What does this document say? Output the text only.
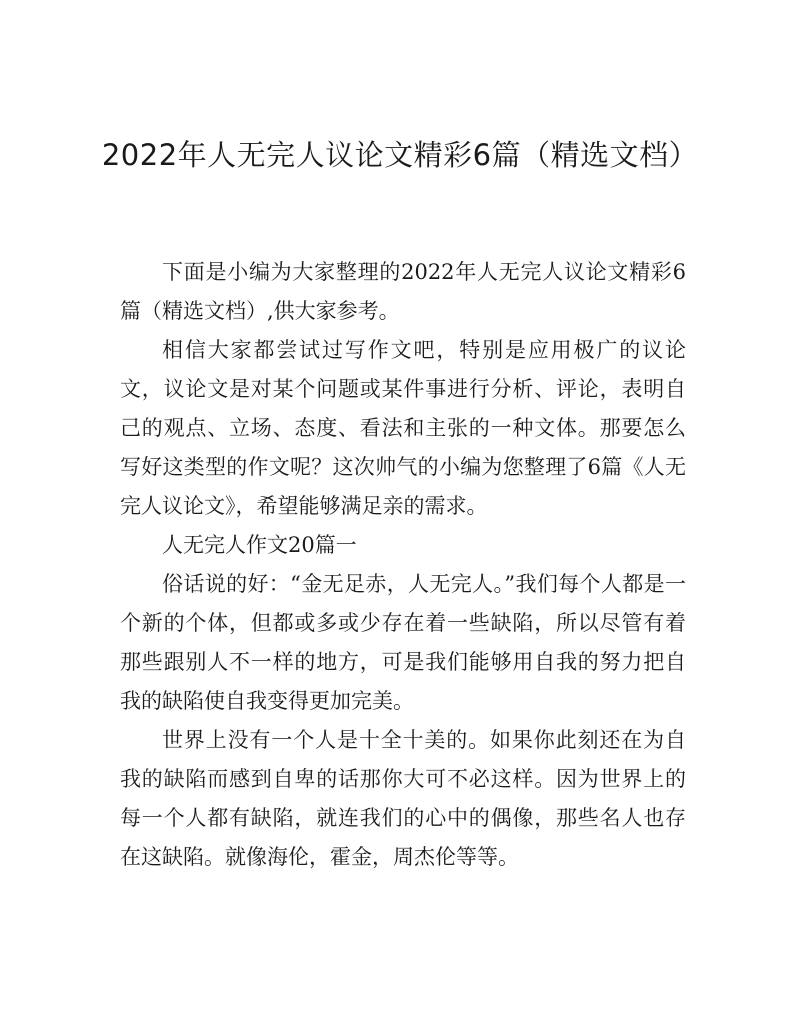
2022年人无完人议论文精彩6篇（精选文档）

下面是小编为大家整理的2022年人无完人议论文精彩6篇（精选文档）,供大家参考。

相信大家都尝试过写作文吧，特别是应用极广的议论文，议论文是对某个问题或某件事进行分析、评论，表明自己的观点、立场、态度、看法和主张的一种文体。那要怎么写好这类型的作文呢？这次帅气的小编为您整理了6篇《人无完人议论文》，希望能够满足亲的需求。

人无完人作文20篇一

俗话说的好：“金无足赤，人无完人。”我们每个人都是一个新的个体，但都或多或少存在着一些缺陷，所以尽管有着那些跟别人不一样的地方，可是我们能够用自我的努力把自我的缺陷使自我变得更加完美。

世界上没有一个人是十全十美的。如果你此刻还在为自我的缺陷而感到自卑的话那你大可不必这样。因为世界上的每一个人都有缺陷，就连我们的心中的偶像，那些名人也存在这缺陷。就像海伦，霍金，周杰伦等等。
